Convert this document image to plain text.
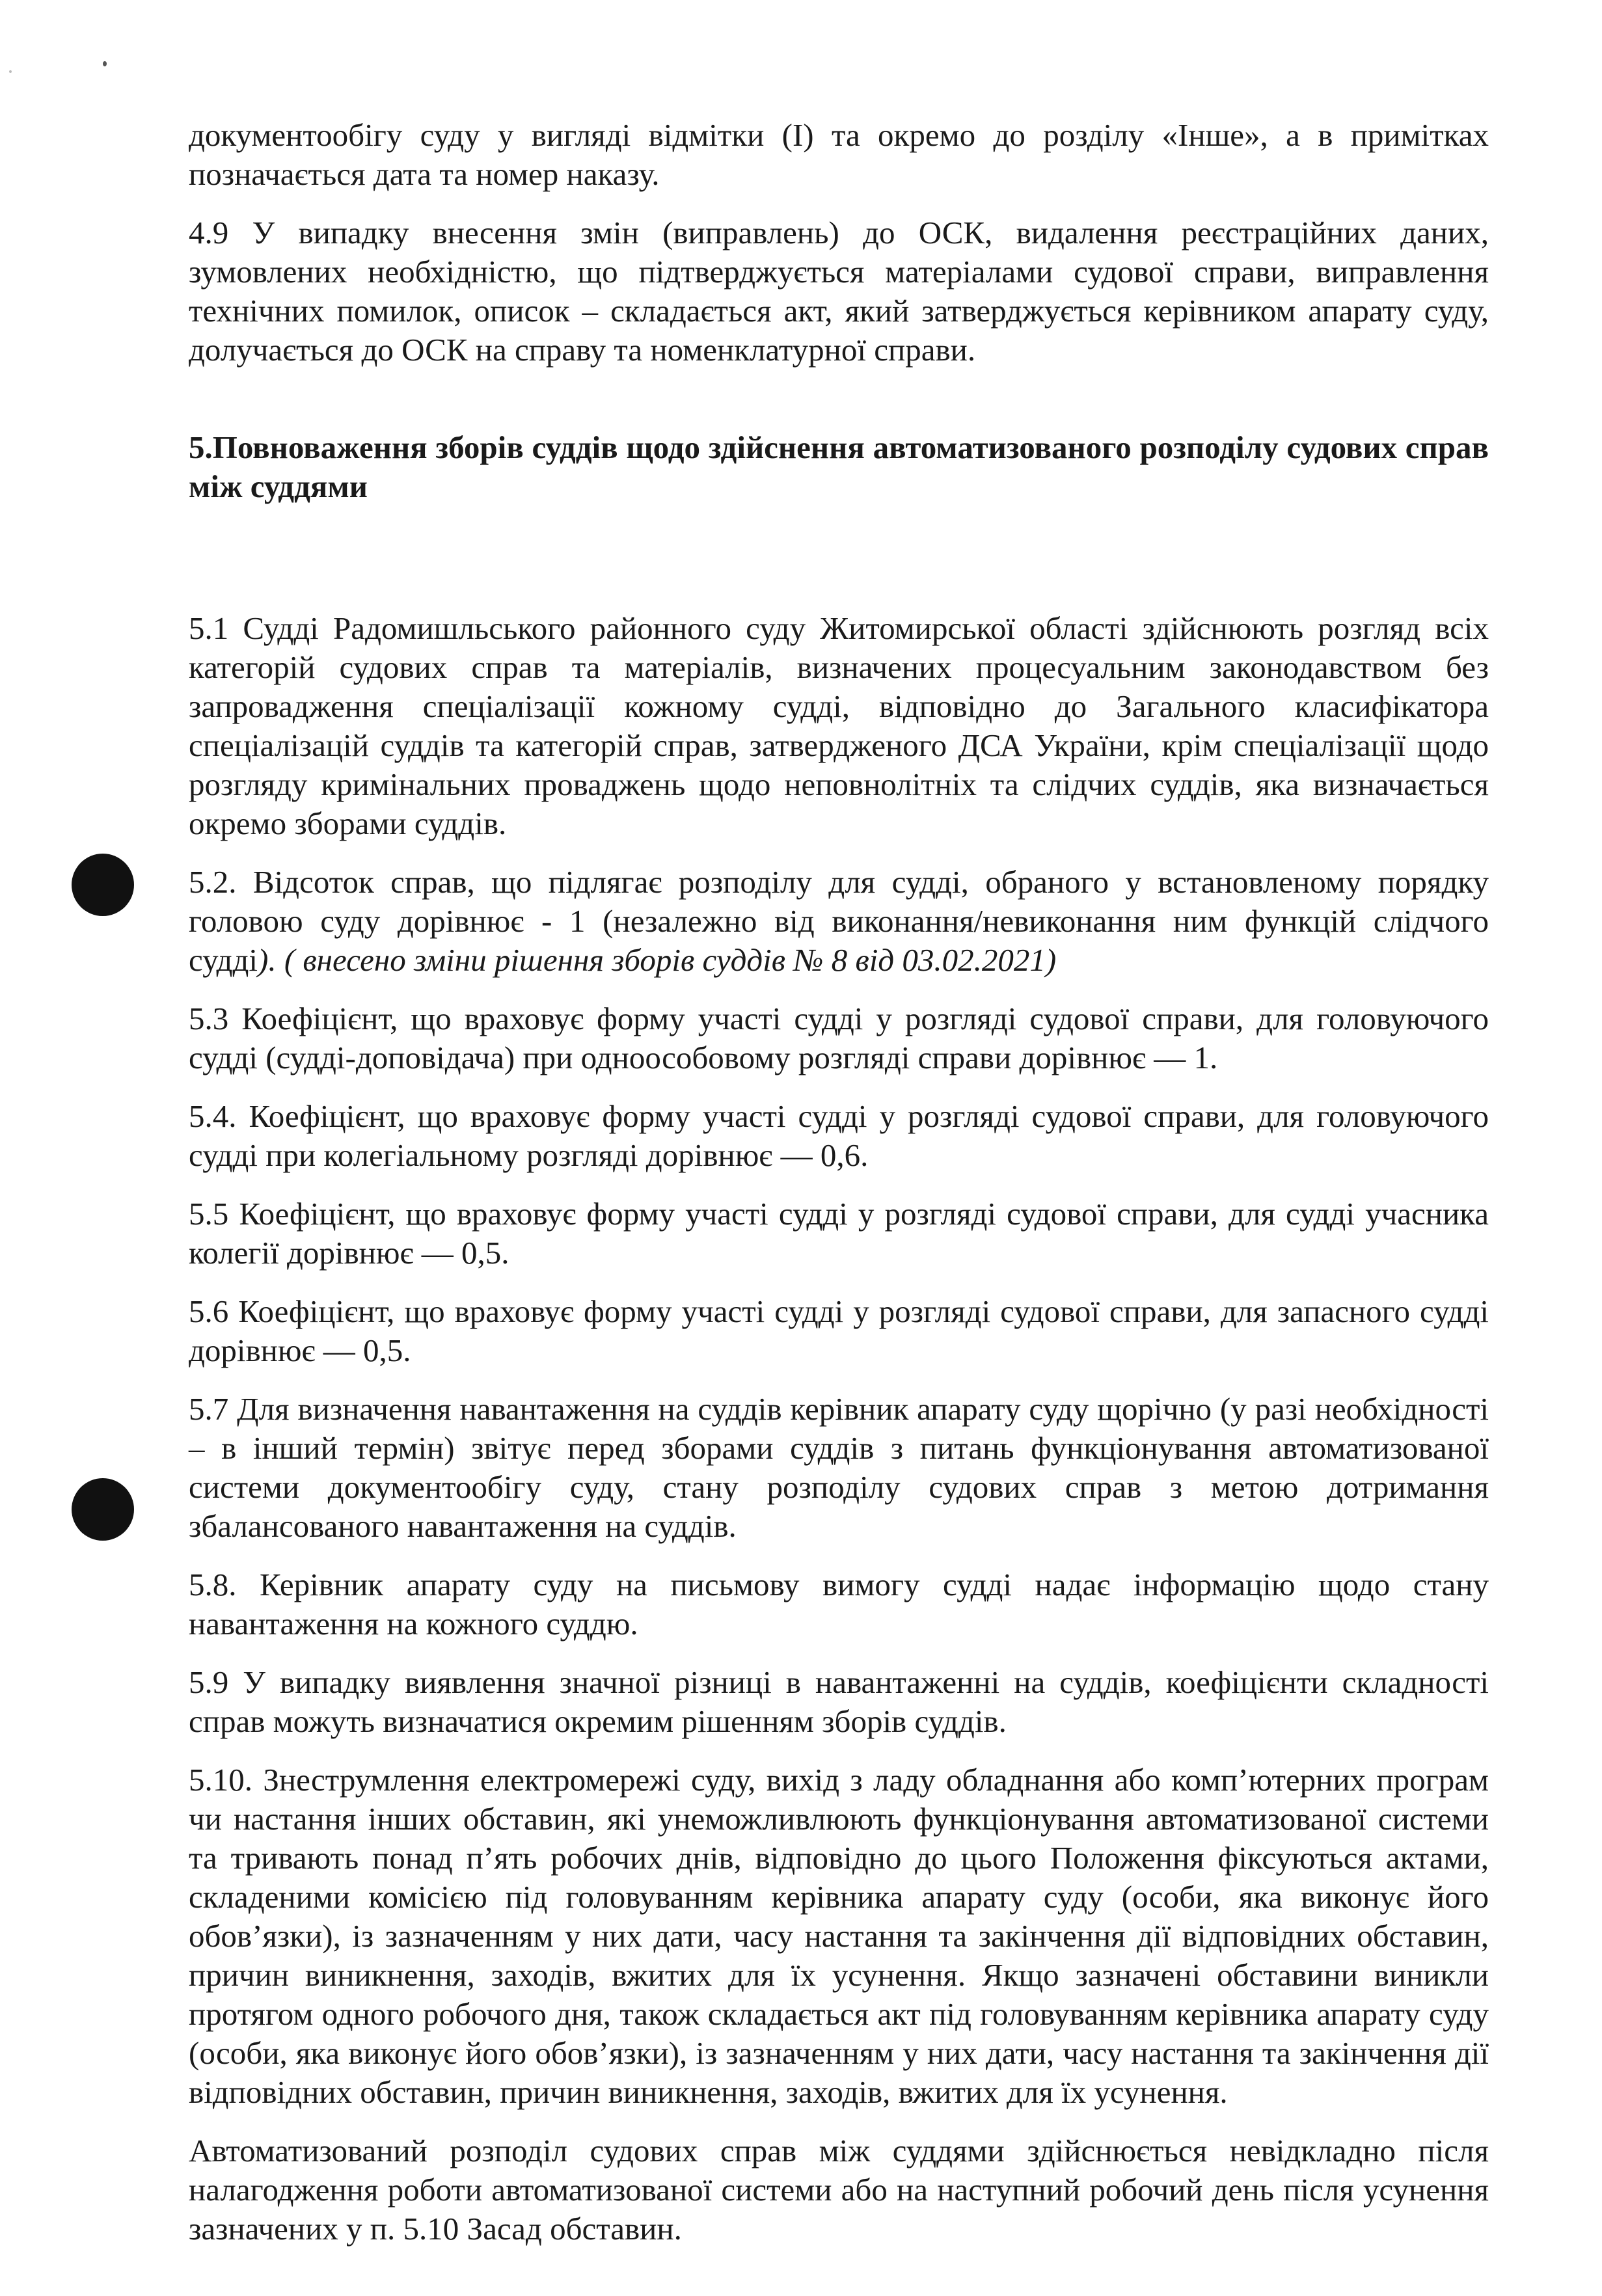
документообігу суду у вигляді відмітки (І) та окремо до розділу «Інше», а в примітках позначається дата та номер наказу.

4.9 У випадку внесення змін (виправлень) до ОСК, видалення реєстраційних даних, зумовлених необхідністю, що підтверджується матеріалами судової справи, виправлення технічних помилок, описок – складається акт, який затверджується керівником апарату суду, долучається до ОСК на справу та номенклатурної справи.

5.Повноваження зборів суддів щодо здійснення автоматизованого розподілу судових справ між суддями

5.1 Судді Радомишльського районного суду Житомирської області здійснюють розгляд всіх категорій судових справ та матеріалів, визначених процесуальним законодавством без запровадження спеціалізації кожному судді, відповідно до Загального класифікатора спеціалізацій суддів та категорій справ, затвердженого ДСА України, крім спеціалізації щодо розгляду кримінальних проваджень щодо неповнолітніх та слідчих суддів, яка визначається окремо зборами суддів.

5.2. Відсоток справ, що підлягає розподілу для судді, обраного у встановленому порядку головою суду дорівнює - 1 (незалежно від виконання/невиконання ним функцій слідчого судді). ( внесено зміни рішення зборів суддів № 8 від 03.02.2021)

5.3 Коефіцієнт, що враховує форму участі судді у розгляді судової справи, для головуючого судді (судді-доповідача) при одноособовому розгляді справи дорівнює — 1.

5.4. Коефіцієнт, що враховує форму участі судді у розгляді судової справи, для головуючого судді при колегіальному розгляді дорівнює — 0,6.

5.5 Коефіцієнт, що враховує форму участі судді у розгляді судової справи, для судді учасника колегії дорівнює — 0,5.

5.6 Коефіцієнт, що враховує форму участі судді у розгляді судової справи, для запасного судді дорівнює — 0,5.

5.7 Для визначення навантаження на суддів керівник апарату суду щорічно (у разі необхідності – в інший термін) звітує перед зборами суддів з питань функціонування автоматизованої системи документообігу суду, стану розподілу судових справ з метою дотримання збалансованого навантаження на суддів.

5.8. Керівник апарату суду на письмову вимогу судді надає інформацію щодо стану навантаження на кожного суддю.

5.9 У випадку виявлення значної різниці в навантаженні на суддів, коефіцієнти складності справ можуть визначатися окремим рішенням зборів суддів.

5.10. Знеструмлення електромережі суду, вихід з ладу обладнання або комп’ютерних програм чи настання інших обставин, які унеможливлюють функціонування автоматизованої системи та тривають понад п’ять робочих днів, відповідно до цього Положення фіксуються актами, складеними комісією під головуванням керівника апарату суду (особи, яка виконує його обов’язки), із зазначенням у них дати, часу настання та закінчення дії відповідних обставин, причин виникнення, заходів, вжитих для їх усунення. Якщо зазначені обставини виникли протягом одного робочого дня, також складається акт під головуванням керівника апарату суду (особи, яка виконує його обов’язки), із зазначенням у них дати, часу настання та закінчення дії відповідних обставин, причин виникнення, заходів, вжитих для їх усунення.

Автоматизований розподіл судових справ між суддями здійснюється невідкладно після налагодження роботи автоматизованої системи або на наступний робочий день після усунення зазначених у п. 5.10 Засад обставин.
